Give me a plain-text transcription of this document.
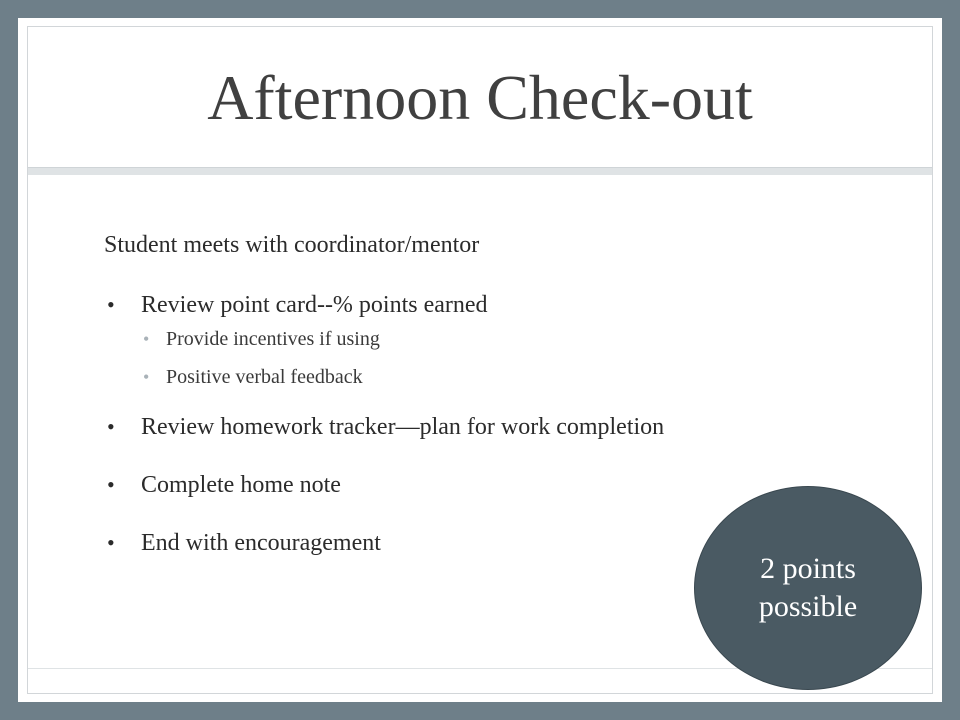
Afternoon Check-out

Student meets with coordinator/mentor

• Review point card--% points earned
• Provide incentives if using
• Positive verbal feedback
• Review homework tracker—plan for work completion
• Complete home note
• End with encouragement
2 points
possible
